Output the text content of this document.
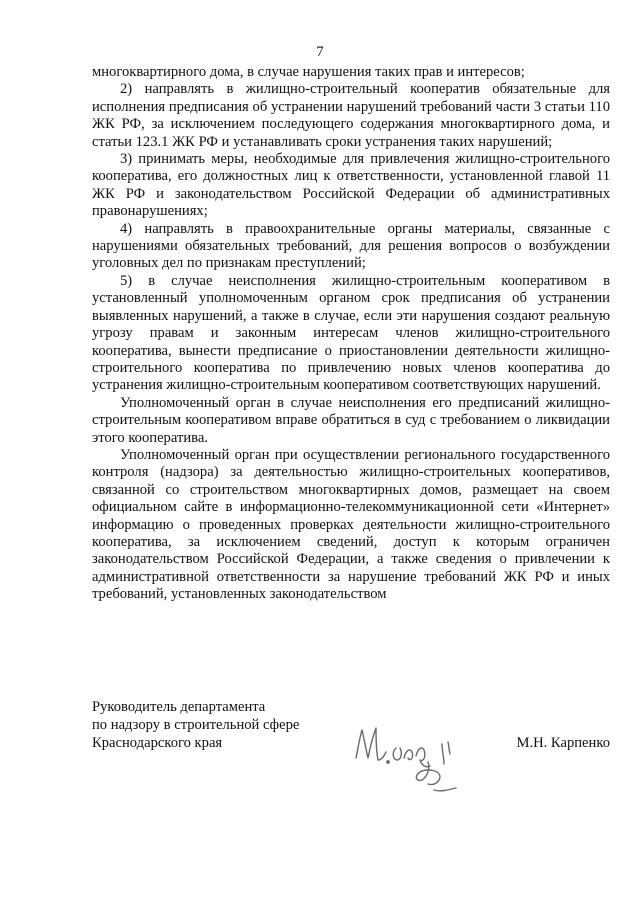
7

многоквартирного дома, в случае нарушения таких прав и интересов;

2) направлять в жилищно-строительный кооператив обязательные для исполнения предписания об устранении нарушений требований части 3 статьи 110 ЖК РФ, за исключением последующего содержания многоквартирного дома, и статьи 123.1 ЖК РФ и устанавливать сроки устранения таких нарушений;

3) принимать меры, необходимые для привлечения жилищно-строительного кооператива, его должностных лиц к ответственности, установленной главой 11 ЖК РФ и законодательством Российской Федерации об административных правонарушениях;

4) направлять в правоохранительные органы материалы, связанные с нарушениями обязательных требований, для решения вопросов о возбуждении уголовных дел по признакам преступлений;

5) в случае неисполнения жилищно-строительным кооперативом в установленный уполномоченным органом срок предписания об устранении выявленных нарушений, а также в случае, если эти нарушения создают реальную угрозу правам и законным интересам членов жилищно-строительного кооператива, вынести предписание о приостановлении деятельности жилищно-строительного кооператива по привлечению новых членов кооператива до устранения жилищно-строительным кооперативом соответствующих нарушений.

Уполномоченный орган в случае неисполнения его предписаний жилищно-строительным кооперативом вправе обратиться в суд с требованием о ликвидации этого кооператива.

Уполномоченный орган при осуществлении регионального государственного контроля (надзора) за деятельностью жилищно-строительных кооперативов, связанной со строительством многоквартирных домов, размещает на своем официальном сайте в информационно-телекоммуникационной сети «Интернет» информацию о проведенных проверках деятельности жилищно-строительного кооператива, за исключением сведений, доступ к которым ограничен законодательством Российской Федерации, а также сведения о привлечении к административной ответственности за нарушение требований ЖК РФ и иных требований, установленных законодательством

Руководитель департамента
по надзору в строительной сфере
Краснодарского края	М.Н. Карпенко
